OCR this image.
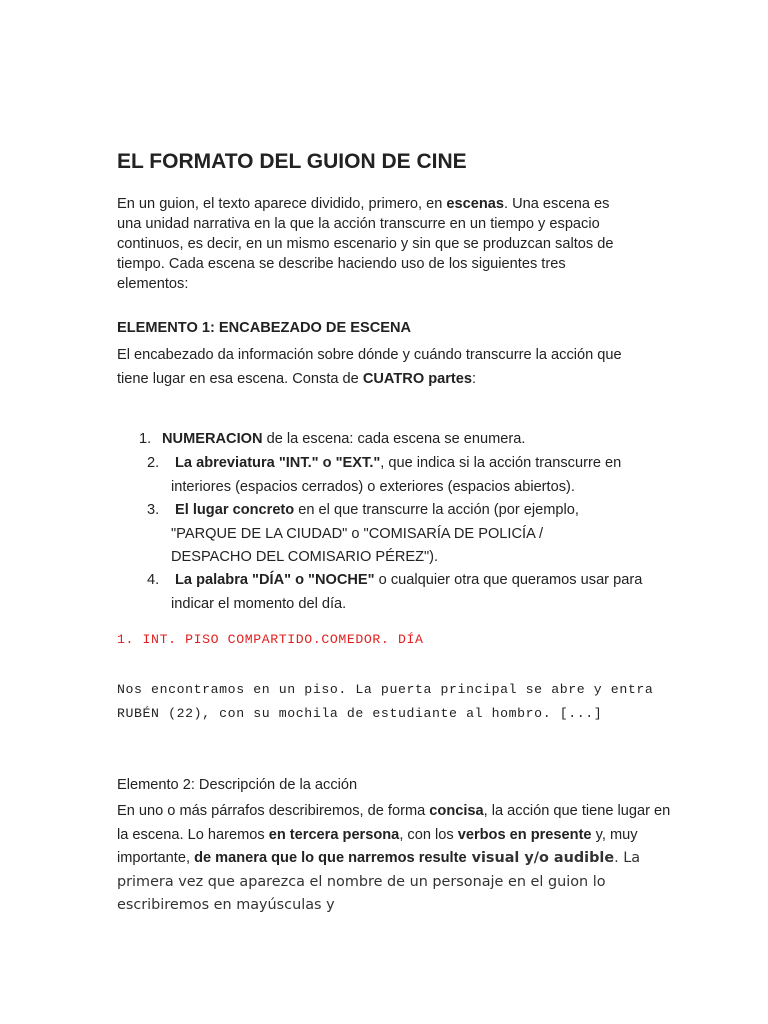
EL FORMATO DEL GUION DE CINE

En un guion, el texto aparece dividido, primero, en escenas. Una escena es una unidad narrativa en la que la acción transcurre en un tiempo y espacio continuos, es decir, en un mismo escenario y sin que se produzcan saltos de tiempo. Cada escena se describe haciendo uso de los siguientes tres elementos:

ELEMENTO 1: ENCABEZADO DE ESCENA

El encabezado da información sobre dónde y cuándo transcurre la acción que tiene lugar en esa escena. Consta de CUATRO partes:

1. NUMERACION de la escena: cada escena se enumera.

2. La abreviatura "INT." o "EXT.", que indica si la acción transcurre en interiores (espacios cerrados) o exteriores (espacios abiertos).

3. El lugar concreto en el que transcurre la acción (por ejemplo, "PARQUE DE LA CIUDAD" o "COMISARÍA DE POLICÍA / DESPACHO DEL COMISARIO PÉREZ").

4. La palabra "DÍA" o "NOCHE" o cualquier otra que queramos usar para indicar el momento del día.

1. INT. PISO COMPARTIDO.COMEDOR. DÍA

Nos encontramos en un piso. La puerta principal se abre y entra RUBÉN (22), con su mochila de estudiante al hombro. [...]

Elemento 2: Descripción de la acción

En uno o más párrafos describiremos, de forma concisa, la acción que tiene lugar en la escena. Lo haremos en tercera persona, con los verbos en presente y, muy importante, de manera que lo que narremos resulte visual y/o audible. La primera vez que aparezca el nombre de un personaje en el guion lo escribiremos en mayúsculas y
